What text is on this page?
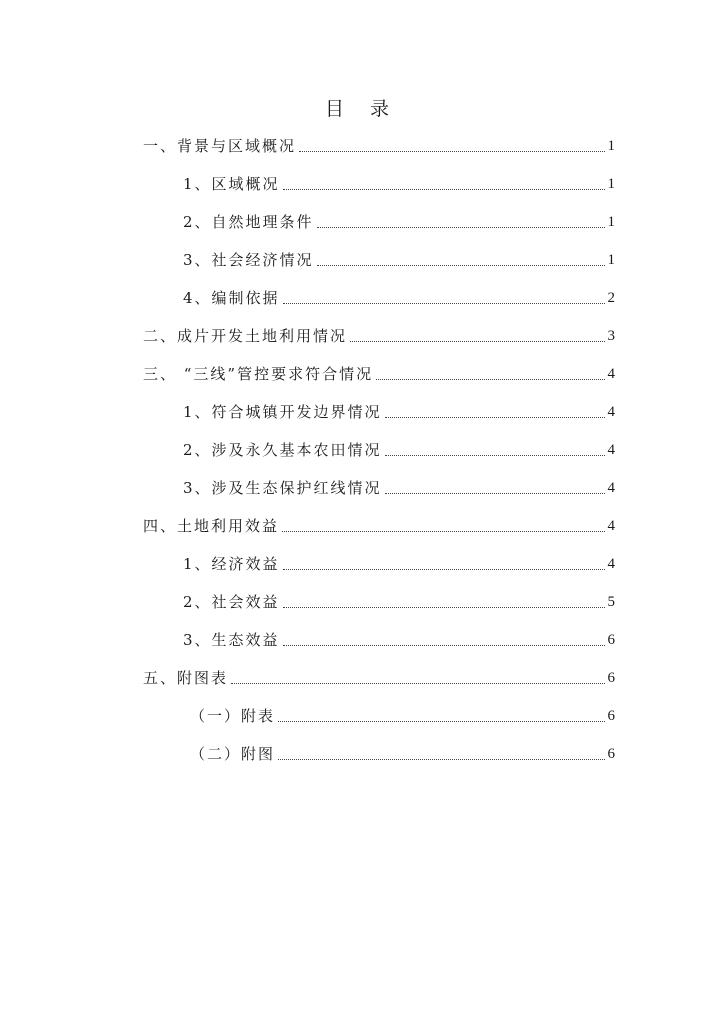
目 录
一、背景与区域概况	1
1、区域概况	1
2、自然地理条件	1
3、社会经济情况	1
4、编制依据	2
二、成片开发土地利用情况	3
三、 “三线”管控要求符合情况	4
1、符合城镇开发边界情况	4
2、涉及永久基本农田情况	4
3、涉及生态保护红线情况	4
四、土地利用效益	4
1、经济效益	4
2、社会效益	5
3、生态效益	6
五、附图表	6
（一）附表	6
（二）附图	6
